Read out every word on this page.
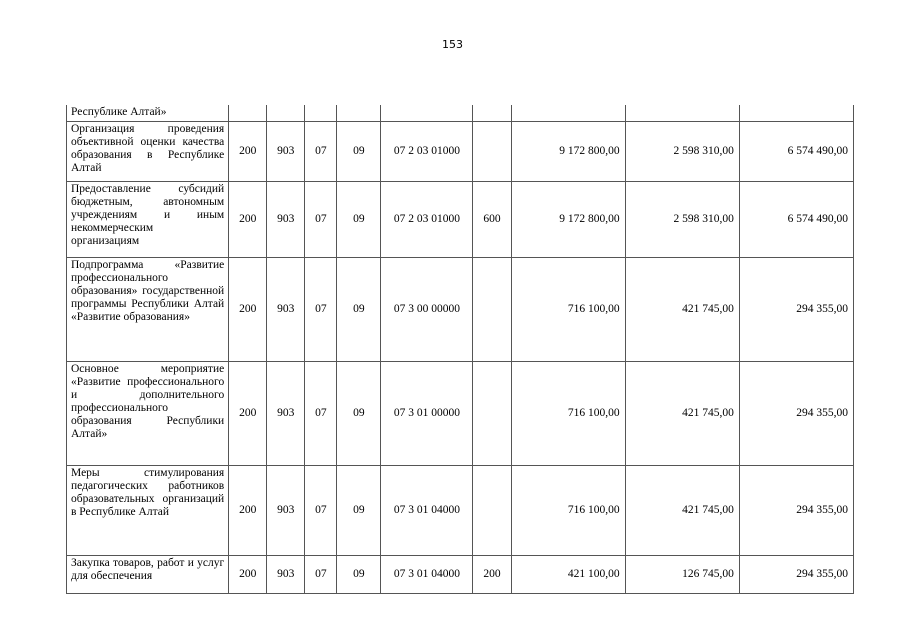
153
Республике Алтай»									
Организация проведения объективной оценки качества образования в Республике Алтай	200	903	07	09	07 2 03 01000		9 172 800,00	2 598 310,00	6 574 490,00
Предоставление субсидий бюджетным, автономным учреждениям и иным некоммерческим организациям	200	903	07	09	07 2 03 01000	600	9 172 800,00	2 598 310,00	6 574 490,00
Подпрограмма «Развитие профессионального образования» государственной программы Республики Алтай «Развитие образования»	200	903	07	09	07 3 00 00000		716 100,00	421 745,00	294 355,00
Основное мероприятие «Развитие профессионального и дополнительного профессионального образования Республики Алтай»	200	903	07	09	07 3 01 00000		716 100,00	421 745,00	294 355,00
Меры стимулирования педагогических работников образовательных организаций в Республике Алтай	200	903	07	09	07 3 01 04000		716 100,00	421 745,00	294 355,00
Закупка товаров, работ и услуг для обеспечения	200	903	07	09	07 3 01 04000	200	421 100,00	126 745,00	294 355,00
